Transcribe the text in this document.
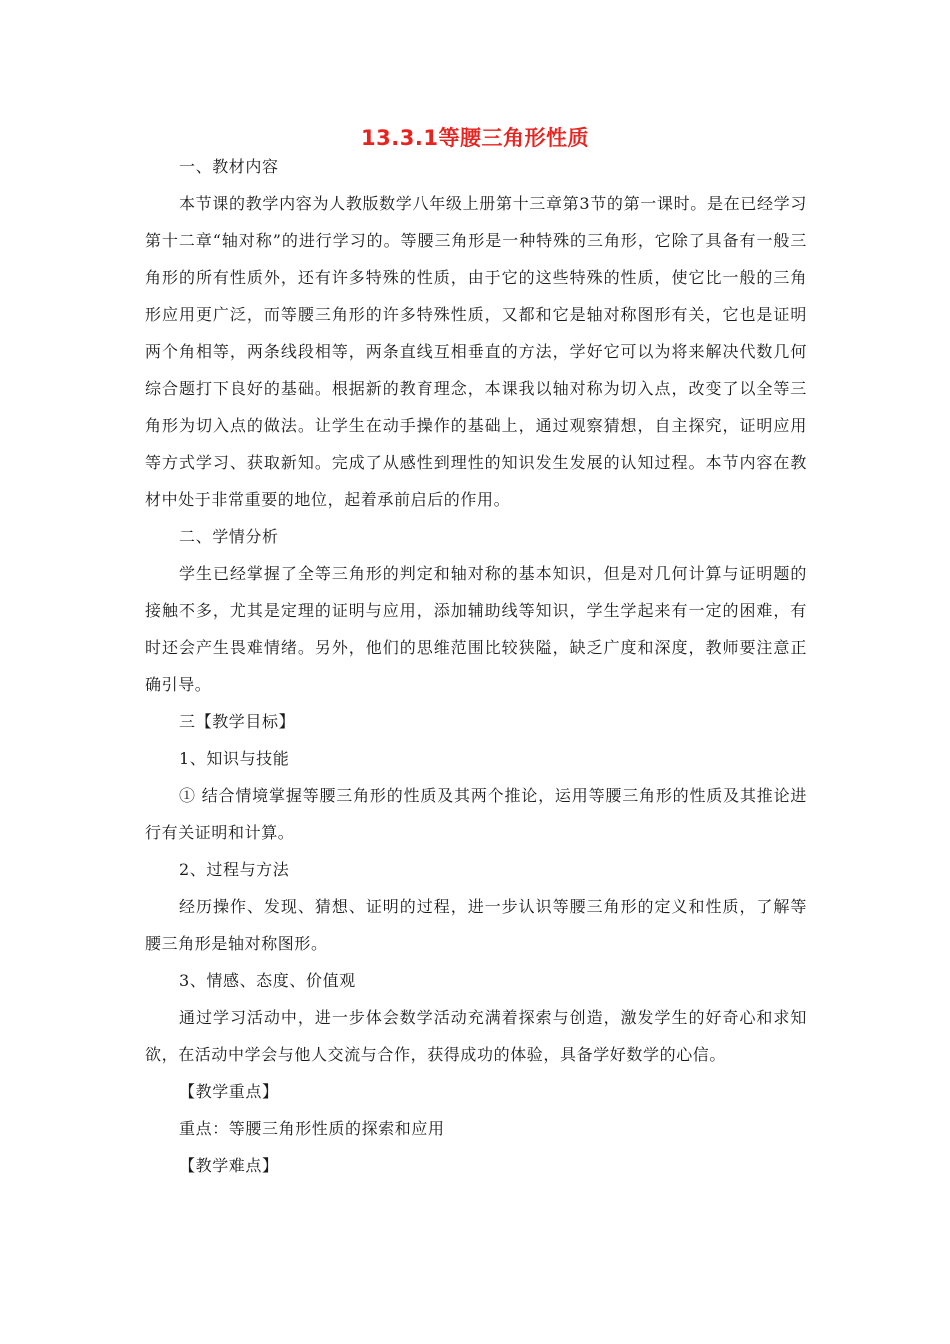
13.3.1等腰三角形性质

一、教材内容

本节课的教学内容为人教版数学八年级上册第十三章第3节的第一课时。是在已经学习第十二章“轴对称”的进行学习的。等腰三角形是一种特殊的三角形，它除了具备有一般三角形的所有性质外，还有许多特殊的性质，由于它的这些特殊的性质，使它比一般的三角形应用更广泛，而等腰三角形的许多特殊性质，又都和它是轴对称图形有关，它也是证明两个角相等，两条线段相等，两条直线互相垂直的方法，学好它可以为将来解决代数几何综合题打下良好的基础。根据新的教育理念，本课我以轴对称为切入点，改变了以全等三角形为切入点的做法。让学生在动手操作的基础上，通过观察猜想，自主探究，证明应用等方式学习、获取新知。完成了从感性到理性的知识发生发展的认知过程。本节内容在教材中处于非常重要的地位，起着承前启后的作用。

二、学情分析

学生已经掌握了全等三角形的判定和轴对称的基本知识，但是对几何计算与证明题的接触不多，尤其是定理的证明与应用，添加辅助线等知识，学生学起来有一定的困难，有时还会产生畏难情绪。另外，他们的思维范围比较狭隘，缺乏广度和深度，教师要注意正确引导。

三【教学目标】

1、知识与技能

① 结合情境掌握等腰三角形的性质及其两个推论，运用等腰三角形的性质及其推论进行有关证明和计算。

2、过程与方法

经历操作、发现、猜想、证明的过程，进一步认识等腰三角形的定义和性质，了解等腰三角形是轴对称图形。

3、情感、态度、价值观

通过学习活动中，进一步体会数学活动充满着探索与创造，激发学生的好奇心和求知欲，在活动中学会与他人交流与合作，获得成功的体验，具备学好数学的心信。

【教学重点】

重点：等腰三角形性质的探索和应用

【教学难点】
